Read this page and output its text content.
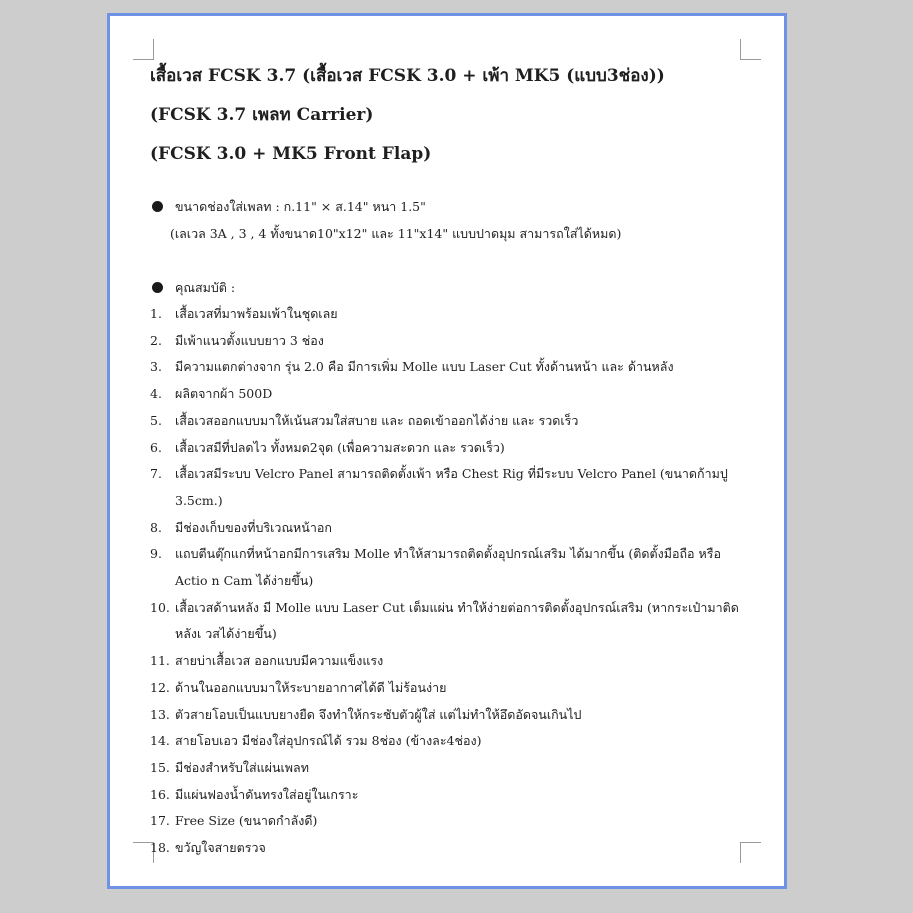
เสื้อเวส FCSK 3.7 (เสื้อเวส FCSK 3.0 + เพ้า MK5 (แบบ3ช่อง))
(FCSK 3.7 เพลท Carrier)
(FCSK 3.0 + MK5 Front Flap)
ขนาดช่องใส่เพลท : ก.11" × ส.14" หนา 1.5"
(เลเวล 3A , 3 , 4 ทั้งขนาด10"x12" และ 11"x14" แบบปาดมุม สามารถใส่ได้หมด)
คุณสมบัติ :
1. เสื้อเวสที่มาพร้อมเพ้าในชุดเลย
2. มีเพ้าแนวตั้งแบบยาว 3 ช่อง
3. มีความแตกต่างจาก รุ่น 2.0 คือ มีการเพิ่ม Molle แบบ Laser Cut ทั้งด้านหน้า และ ด้านหลัง
4. ผลิตจากผ้า 500D
5. เสื้อเวสออกแบบมาให้เน้นสวมใส่สบาย และ ถอดเข้าออกได้ง่าย และ รวดเร็ว
6. เสื้อเวสมีที่ปลดไว ทั้งหมด2จุด (เพื่อความสะดวก และ รวดเร็ว)
7. เสื้อเวสมีระบบ Velcro Panel สามารถติดตั้งเพ้า หรือ Chest Rig ที่มีระบบ Velcro Panel (ขนาดก้ามปู 3.5cm.)
8. มีช่องเก็บของที่บริเวณหน้าอก
9. แถบตีนตุ๊กแกที่หน้าอกมีการเสริม Molle ทำให้สามารถติดตั้งอุปกรณ์เสริม ได้มากขึ้น (ติดตั้งมือถือ หรือ Actio n Cam ได้ง่ายขึ้น)
10. เสื้อเวสด้านหลัง มี Molle แบบ Laser Cut เต็มแผ่น ทำให้ง่ายต่อการติดตั้งอุปกรณ์เสริม (หากระเป๋ามาติดหลังเ วสได้ง่ายขึ้น)
11. สายบ่าเสื้อเวส ออกแบบมีความแข็งแรง
12. ด้านในออกแบบมาให้ระบายอากาศได้ดี ไม่ร้อนง่าย
13. ตัวสายโอบเป็นแบบยางยืด จึงทำให้กระชับตัวผู้ใส่ แต่ไม่ทำให้อึดอัดจนเกินไป
14. สายโอบเอว มีช่องใส่อุปกรณ์ได้ รวม 8ช่อง (ข้างละ4ช่อง)
15. มีช่องสำหรับใส่แผ่นเพลท
16. มีแผ่นฟองน้ำดันทรงใส่อยู่ในเกราะ
17. Free Size (ขนาดกำลังดี)
18. ขวัญใจสายตรวจ
